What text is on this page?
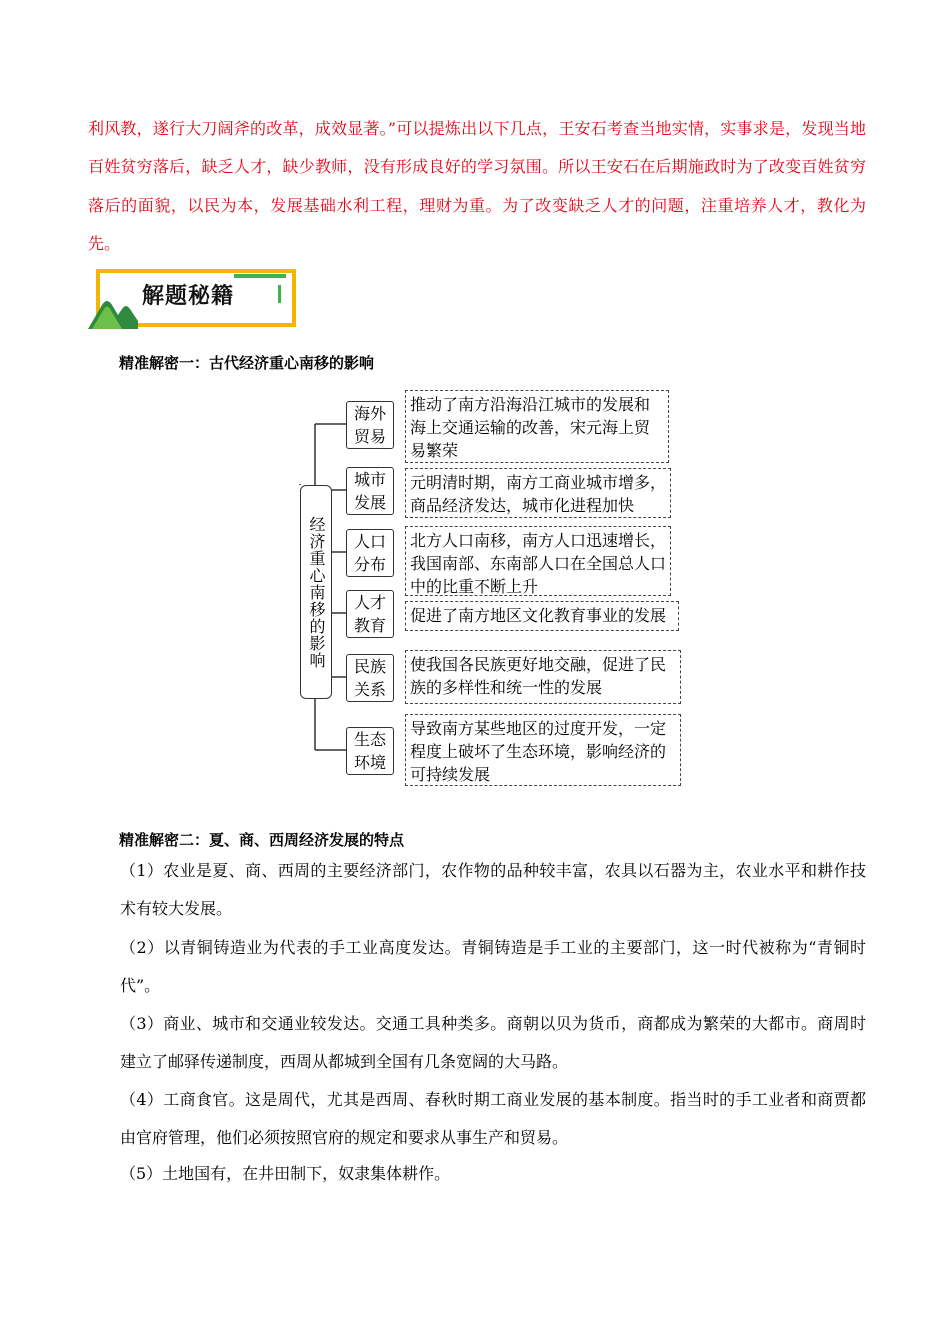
利风教，遂行大刀阔斧的改革，成效显著。”可以提炼出以下几点，王安石考查当地实情，实事求是，发现当地百姓贫穷落后，缺乏人才，缺少教师，没有形成良好的学习氛围。所以王安石在后期施政时为了改变百姓贫穷落后的面貌，以民为本，发展基础水利工程，理财为重。为了改变缺乏人才的问题，注重培养人才，教化为先。
解题秘籍
精准解密一：古代经济重心南移的影响
经济重心南移的影响
海外贸易
城市发展
人口分布
人才教育
民族关系
生态环境
推动了南方沿海沿江城市的发展和海上交通运输的改善，宋元海上贸易繁荣
元明清时期，南方工商业城市增多，商品经济发达，城市化进程加快
北方人口南移，南方人口迅速增长，我国南部、东南部人口在全国总人口中的比重不断上升
促进了南方地区文化教育事业的发展
使我国各民族更好地交融，促进了民族的多样性和统一性的发展
导致南方某些地区的过度开发，一定程度上破坏了生态环境，影响经济的可持续发展
精准解密二：夏、商、西周经济发展的特点
（1）农业是夏、商、西周的主要经济部门，农作物的品种较丰富，农具以石器为主，农业水平和耕作技术有较大发展。
（2）以青铜铸造业为代表的手工业高度发达。青铜铸造是手工业的主要部门，这一时代被称为“青铜时代”。
（3）商业、城市和交通业较发达。交通工具种类多。商朝以贝为货币，商都成为繁荣的大都市。商周时建立了邮驿传递制度，西周从都城到全国有几条宽阔的大马路。
（4）工商食官。这是周代，尤其是西周、春秋时期工商业发展的基本制度。指当时的手工业者和商贾都由官府管理，他们必须按照官府的规定和要求从事生产和贸易。
（5）土地国有，在井田制下，奴隶集体耕作。
